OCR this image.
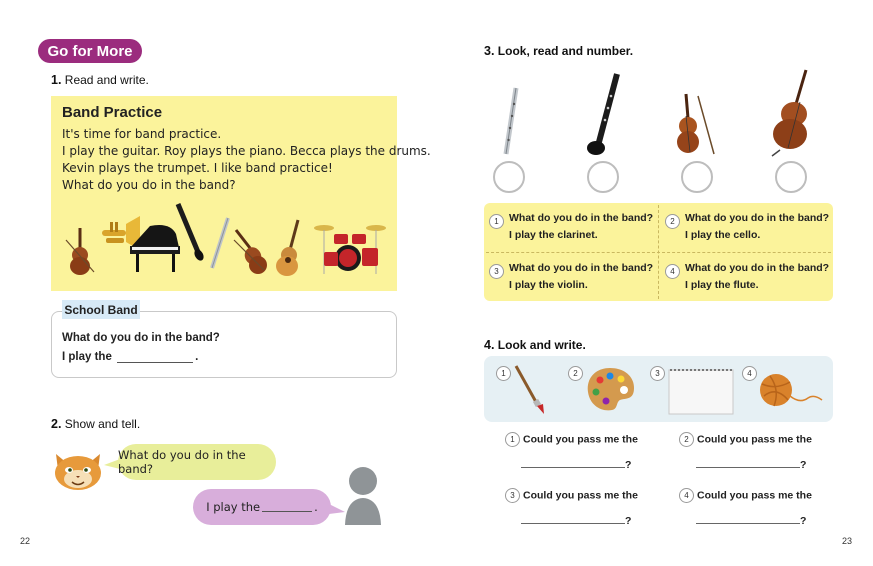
Go for More
1. Read and write.
Band Practice
It's time for band practice.
I play the guitar. Roy plays the piano. Becca plays the drums.
Kevin plays the trumpet. I like band practice!
What do you do in the band?
School Band
What do you do in the band?
I play the	.
2. Show and tell.
What do you do in the band?
I play the	.
22
3. Look, read and number.
1 What do you do in the band?
I play the clarinet.
2 What do you do in the band?
I play the cello.
3 What do you do in the band?
I play the violin.
4 What do you do in the band?
I play the flute.
4. Look and write.
1	2	3	4
1 Could you pass me the
?
2 Could you pass me the
?
3 Could you pass me the
?
4 Could you pass me the
?
23
